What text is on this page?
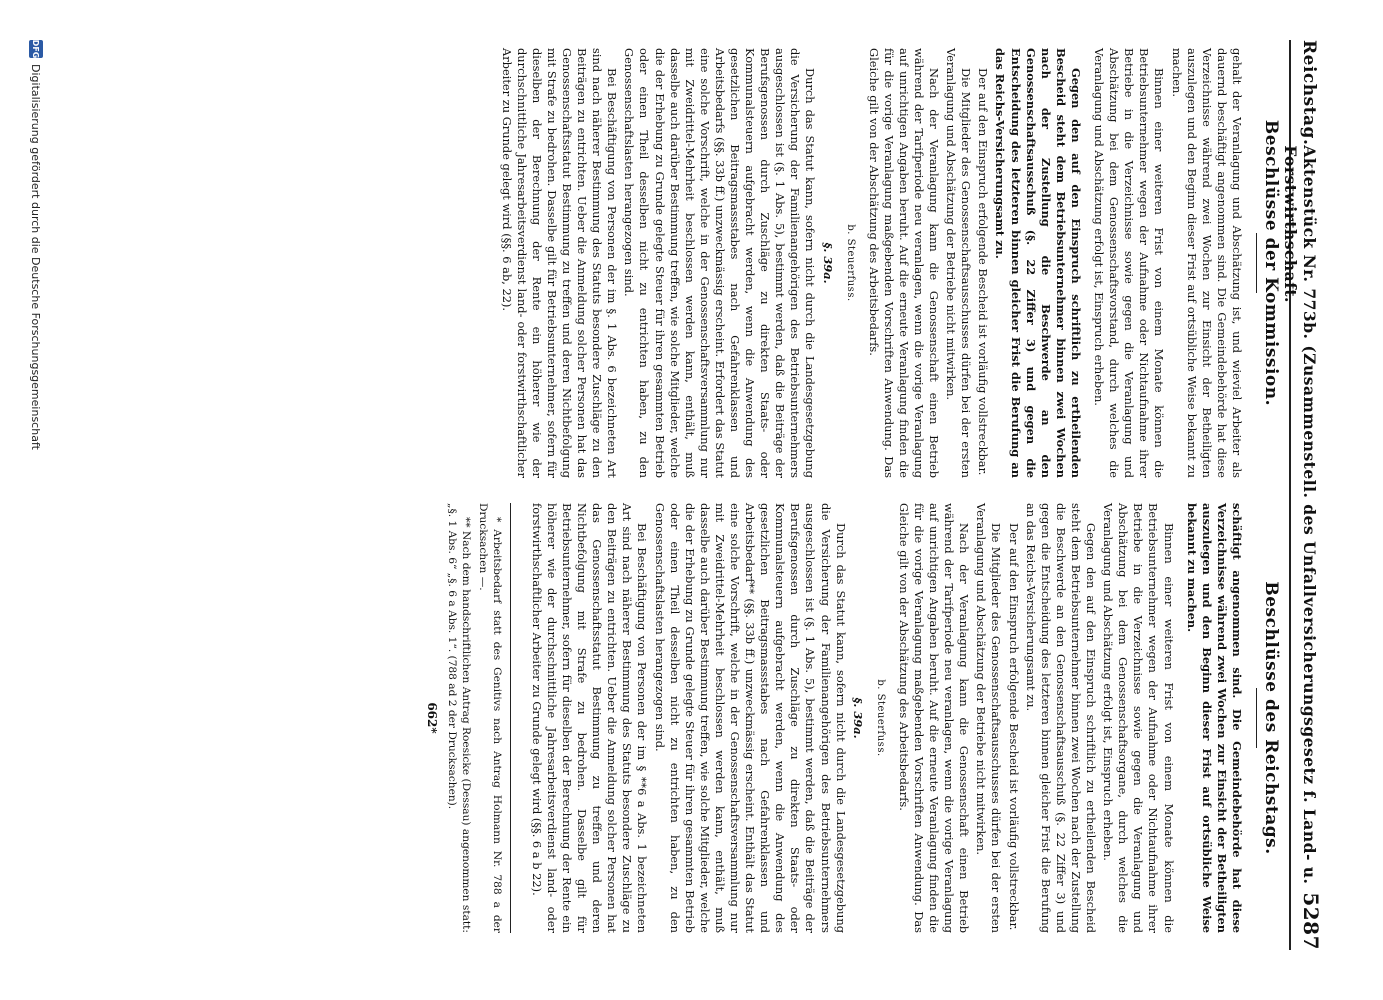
Reichstag.
Aktenstück Nr. 773b. (Zusammenstell. des Unfallversicherungsgesetz f. Land- u. Forstwirthschaft.
5287
Beschlüsse der Kommission.

gehalt der Veranlagung und Abschätzung ist, und wieviel Arbeiter als dauernd beschäftigt angenommen sind. Die Gemeindebehörde hat diese Verzeichnisse während zwei Wochen zur Einsicht der Betheiligten auszulegen und den Beginn dieser Frist auf ortsübliche Weise bekannt zu machen.

Binnen einer weiteren Frist von einem Monate können die Betriebsunternehmer wegen der Aufnahme oder Nichtaufnahme ihrer Betriebe in die Verzeichnisse sowie gegen die Veranlagung und Abschätzung bei dem Genossenschaftsvorstand, durch welches die Veranlagung und Abschätzung erfolgt ist, Einspruch erheben.

Gegen den auf den Einspruch schriftlich zu ertheilenden Bescheid steht dem Betriebsunternehmer binnen zwei Wochen nach der Zustellung die Beschwerde an den Genossenschaftsausschuß (§. 22 Ziffer 3) und gegen die Entscheidung des letzteren binnen gleicher Frist die Berufung an das Reichs-Versicherungsamt zu.

Der auf den Einspruch erfolgende Bescheid ist vorläufig vollstreckbar.

Die Mitglieder des Genossenschaftsausschusses dürfen bei der ersten Veranlagung und Abschätzung der Betriebe nicht mitwirken.

Nach der Veranlagung kann die Genossenschaft einen Betrieb während der Tarifperiode neu veranlagen, wenn die vorige Veranlagung auf unrichtigen Angaben beruht. Auf die erneute Veranlagung finden die für die vorige Veranlagung maßgebenden Vorschriften Anwendung. Das Gleiche gilt von der Abschätzung des Arbeitsbedarfs.

b. Steuerfuss.
§. 39a.

Durch das Statut kann, sofern nicht durch die Landesgesetzgebung die Versicherung der Familienangehörigen des Betriebsunternehmers ausgeschlossen ist (§. 1 Abs. 5), bestimmt werden, daß die Beiträge der Berufsgenossen durch Zuschläge zu direkten Staats- oder Kommunalsteuern aufgebracht werden, wenn die Anwendung des gesetzlichen Beitragsmassstabes nach Gefahrenklassen und Arbeitsbedarfs (§§. 33b ff.) unzweckmässig erscheint. Erfordert das Statut eine solche Vorschrift, welche in der Genossenschaftsversammlung nur mit Zweidrittel-Mehrheit beschlossen werden kann, enthält, muß dasselbe auch darüber Bestimmung treffen, wie solche Mitglieder, welche die der Erhebung zu Grunde gelegte Steuer für ihren gesammten Betrieb oder einen Theil desselben nicht zu entrichten haben, zu den Genossenschaftslasten herangezogen sind.

Bei Beschäftigung von Personen der im §. 1 Abs. 6 bezeichneten Art sind nach näherer Bestimmung des Statuts besondere Zuschläge zu den Beiträgen zu entrichten. Ueber die Anmeldung solcher Personen hat das Genossenschaftsstatut Bestimmung zu treffen und deren Nichtbefolgung mit Strafe zu bedrohen. Dasselbe gilt für Betriebsunternehmer, sofern für dieselben der Berechnung der Rente ein höherer wie der durchschnittliche Jahresarbeitsverdienst land- oder forstwirthschaftlicher Arbeiter zu Grunde gelegt wird (§§. 6 ab, 22).

Beschlüsse des Reichstags.

schäftigt angenommen sind. Die Gemeindebehörde hat diese Verzeichnisse während zwei Wochen zur Einsicht der Betheiligten auszulegen und den Beginn dieser Frist auf ortsübliche Weise bekannt zu machen.

Binnen einer weiteren Frist von einem Monate können die Betriebsunternehmer wegen der Aufnahme oder Nichtaufnahme ihrer Betriebe in die Verzeichnisse sowie gegen die Veranlagung und Abschätzung bei dem Genossenschaftsorgane, durch welches die Veranlagung und Abschätzung erfolgt ist, Einspruch erheben.

Gegen den auf den Einspruch schriftlich zu ertheilenden Bescheid steht dem Betriebsunternehmer binnen zwei Wochen nach der Zustellung die Beschwerde an den Genossenschaftsausschuß (§. 22 Ziffer 3) und gegen die Entscheidung des letzteren binnen gleicher Frist die Berufung an das Reichs-Versicherungsamt zu.

Der auf den Einspruch erfolgende Bescheid ist vorläufig vollstreckbar.

Die Mitglieder des Genossenschaftsausschusses dürfen bei der ersten Veranlagung und Abschätzung der Betriebe nicht mitwirken.

Nach der Veranlagung kann die Genossenschaft einen Betrieb während der Tarifperiode neu veranlagen, wenn die vorige Veranlagung auf unrichtigen Angaben beruht. Auf die erneute Veranlagung finden die für die vorige Veranlagung maßgebenden Vorschriften Anwendung. Das Gleiche gilt von der Abschätzung des Arbeitsbedarfs.

b. Steuerfuss.
§. 39a.

Durch das Statut kann, sofern nicht durch die Landesgesetzgebung die Versicherung der Familienangehörigen des Betriebsunternehmers ausgeschlossen ist (§. 1 Abs. 5), bestimmt werden, daß die Beiträge der Berufsgenossen durch Zuschläge zu direkten Staats- oder Kommunalsteuern aufgebracht werden, wenn die Anwendung des gesetzlichen Beitragsmassstabes nach Gefahrenklassen und Arbeitsbedarf** (§§. 33b ff.) unzweckmässig erscheint. Enthält das Statut eine solche Vorschrift, welche in der Genossenschaftsversammlung nur mit Zweidrittel-Mehrheit beschlossen werden kann, enthält, muß dasselbe auch darüber Bestimmung treffen, wie solche Mitglieder, welche die der Erhebung zu Grunde gelegte Steuer für ihren gesammten Betrieb oder einen Theil desselben nicht zu entrichten haben, zu den Genossenschaftslasten herangezogen sind.

Bei Beschäftigung von Personen der im § **6 a Abs. 1 bezeichneten Art sind nach näherer Bestimmung des Statuts besondere Zuschläge zu den Beiträgen zu entrichten. Ueber die Anmeldung solcher Personen hat das Genossenschaftsstatut Bestimmung zu treffen und deren Nichtbefolgung mit Strafe zu bedrohen. Dasselbe gilt für Betriebsunternehmer, sofern für dieselben der Berechnung der Rente ein höherer wie der durchschnittliche Jahresarbeitsverdienst land- oder forstwirthschaftlicher Arbeiter zu Grunde gelegt wird (§§. 6 a b 22).

* Arbeitsbedarf statt des Genitivs nach Antrag Holmann Nr. 788 a der Drucksachen —.

** Nach dem handschriftlichen Antrag Roesicke (Dessau) angenommen statt: „§. 1 Abs. 6“ „§. 6 a Abs. 1“. (788 ad 2 der Drucksachen).

662*
DFG
Digitalisierung gefördert durch die Deutsche Forschungsgemeinschaft
